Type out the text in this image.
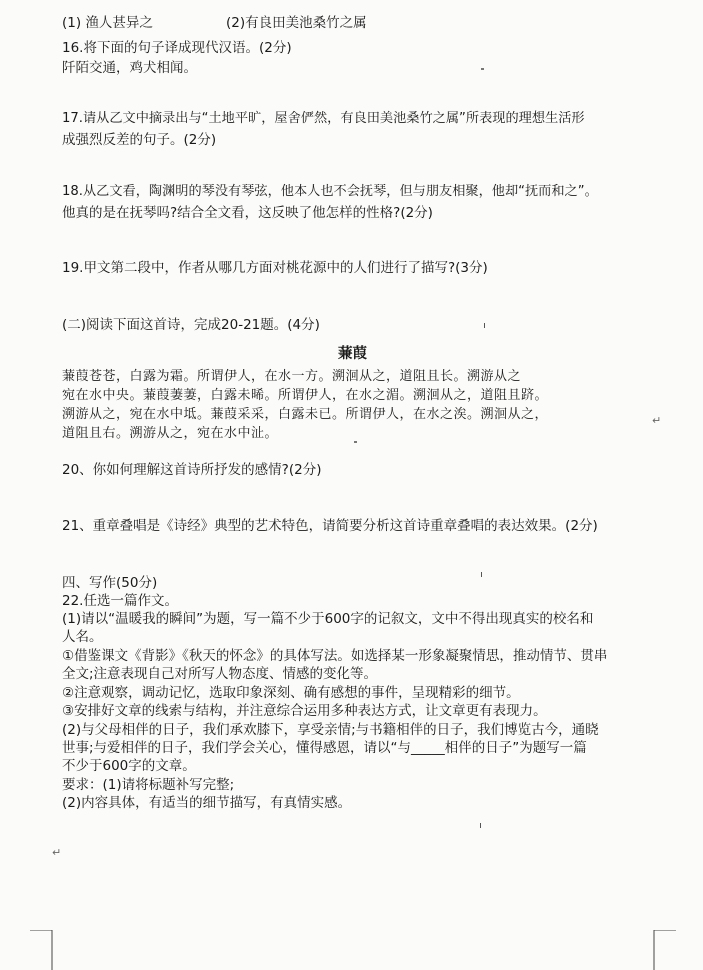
(1) 渔人甚异之	(2)有良田美池桑竹之属
16.将下面的句子译成现代汉语。(2分)
阡陌交通，鸡犬相闻。
17.请从乙文中摘录出与“土地平旷，屋舍俨然，有良田美池桑竹之属”所表现的理想生活形
成强烈反差的句子。(2分)
18.从乙文看，陶渊明的琴没有琴弦，他本人也不会抚琴，但与朋友相聚，他却“抚而和之”。
他真的是在抚琴吗?结合全文看，这反映了他怎样的性格?(2分)
19.甲文第二段中，作者从哪几方面对桃花源中的人们进行了描写?(3分)
(二)阅读下面这首诗，完成20-21题。(4分)
蒹葭
蒹葭苍苍，白露为霜。所谓伊人，在水一方。溯洄从之，道阻且长。溯游从之
宛在水中央。蒹葭萋萋，白露未晞。所谓伊人，在水之湄。溯洄从之，道阻且跻。
溯游从之，宛在水中坻。蒹葭采采，白露未已。所谓伊人，在水之涘。溯洄从之，
道阻且右。溯游从之，宛在水中沚。
20、你如何理解这首诗所抒发的感情?(2分)
21、重章叠唱是《诗经》典型的艺术特色，请简要分析这首诗重章叠唱的表达效果。(2分)
四、写作(50分)
22.任选一篇作文。
(1)请以“温暖我的瞬间”为题，写一篇不少于600字的记叙文，文中不得出现真实的校名和
人名。
①借鉴课文《背影》《秋天的怀念》的具体写法。如选择某一形象凝聚情思，推动情节、贯串
全文;注意表现自己对所写人物态度、情感的变化等。
②注意观察，调动记忆，选取印象深刻、确有感想的事件，呈现精彩的细节。
③安排好文章的线索与结构，并注意综合运用多种表达方式，让文章更有表现力。
(2)与父母相伴的日子，我们承欢膝下，享受亲情;与书籍相伴的日子，我们博览古今，通晓
世事;与爱相伴的日子，我们学会关心，懂得感恩，请以“与_____相伴的日子”为题写一篇
不少于600字的文章。
要求：(1)请将标题补写完整;
(2)内容具体，有适当的细节描写，有真情实感。
↵
↵
